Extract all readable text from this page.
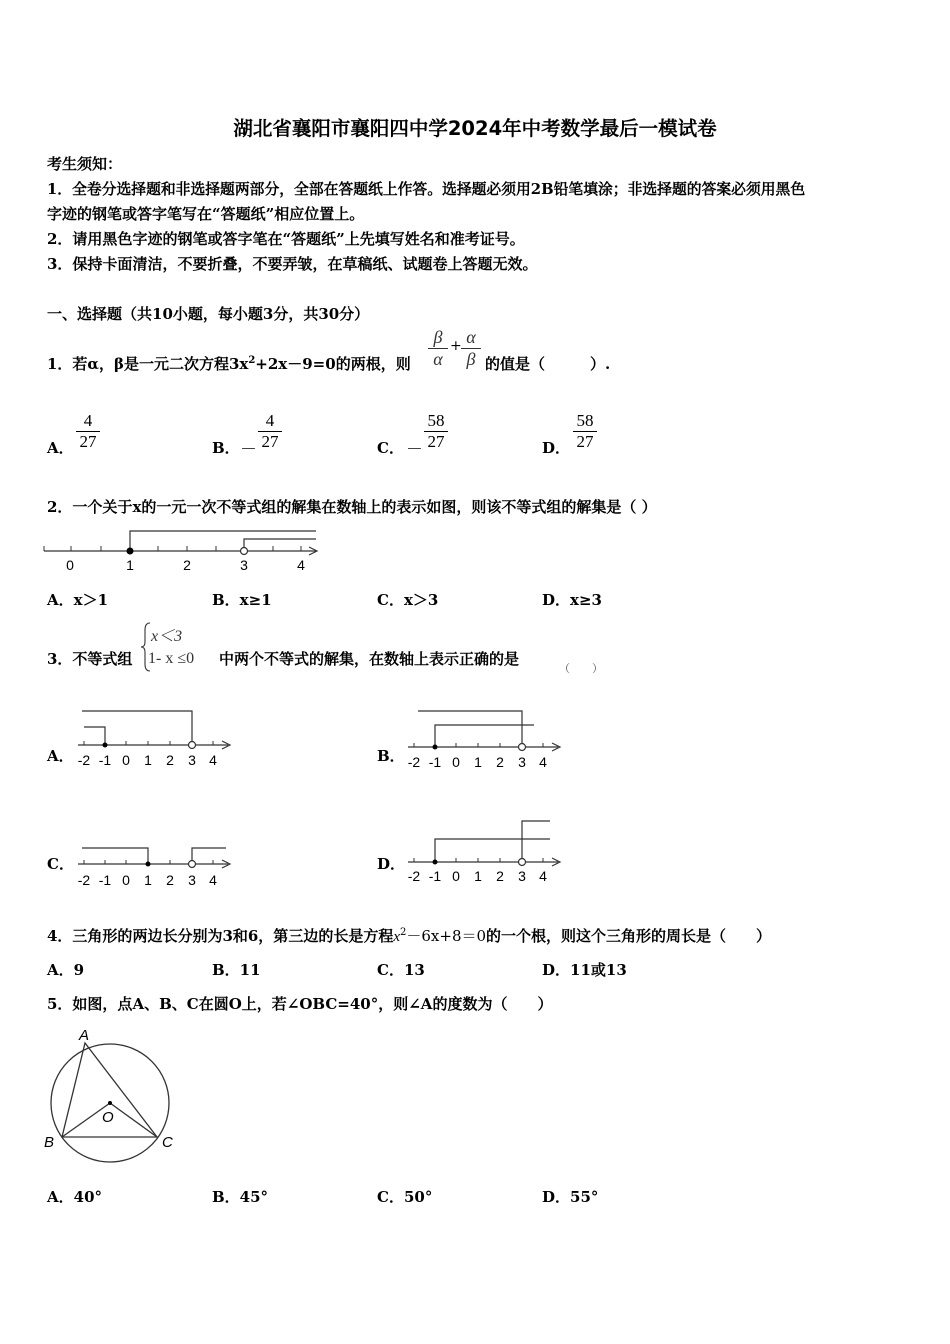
湖北省襄阳市襄阳四中学2024年中考数学最后一模试卷
考生须知：
1．全卷分选择题和非选择题两部分，全部在答题纸上作答。选择题必须用2B铅笔填涂；非选择题的答案必须用黑色
字迹的钢笔或答字笔写在“答题纸”相应位置上。
2．请用黑色字迹的钢笔或答字笔在“答题纸”上先填写姓名和准考证号。
3．保持卡面清洁，不要折叠，不要弄皱，在草稿纸、试题卷上答题无效。
一、选择题（共10小题，每小题3分，共30分）
1．若α，β是一元二次方程$3x^2+2x-9=0$的两根，则
β
α
+ α
β 的值是（　　　）.
A． $\frac{4}{27}$	B． － $\frac{4}{27}$	C． － $\frac{58}{27}$	D． $\frac{58}{27}$
2．一个关于x的一元一次不等式组的解集在数轴上的表示如图，则该不等式组的解集是（ ）
0	1	2	3	4
A．x＞1	B．x≥1	C．x＞3	D．x≥3
3．不等式组
x＜3
1- x ≤0 中两个不等式的解集，在数轴上表示正确的是
（　　）
A． -2 -1 0 1 2 3 4	B． -2 -1 0 1 2 3 4
C．
-2 -1 0 1 2 3 4
D．
-2 -1 0 1 2 3 4
4．三角形的两边长分别为3和6，第三边的长是方程$x^2-6x+8=0$的一个根，则这个三角形的周长是（　　）
A．9	B．11	C．13	D．11或13
5．如图，点A、B、C在圆O上，若∠OBC=40°，则∠A的度数为（　　）
A
B	C
O
A．40°	B．45°	C．50°	D．55°
